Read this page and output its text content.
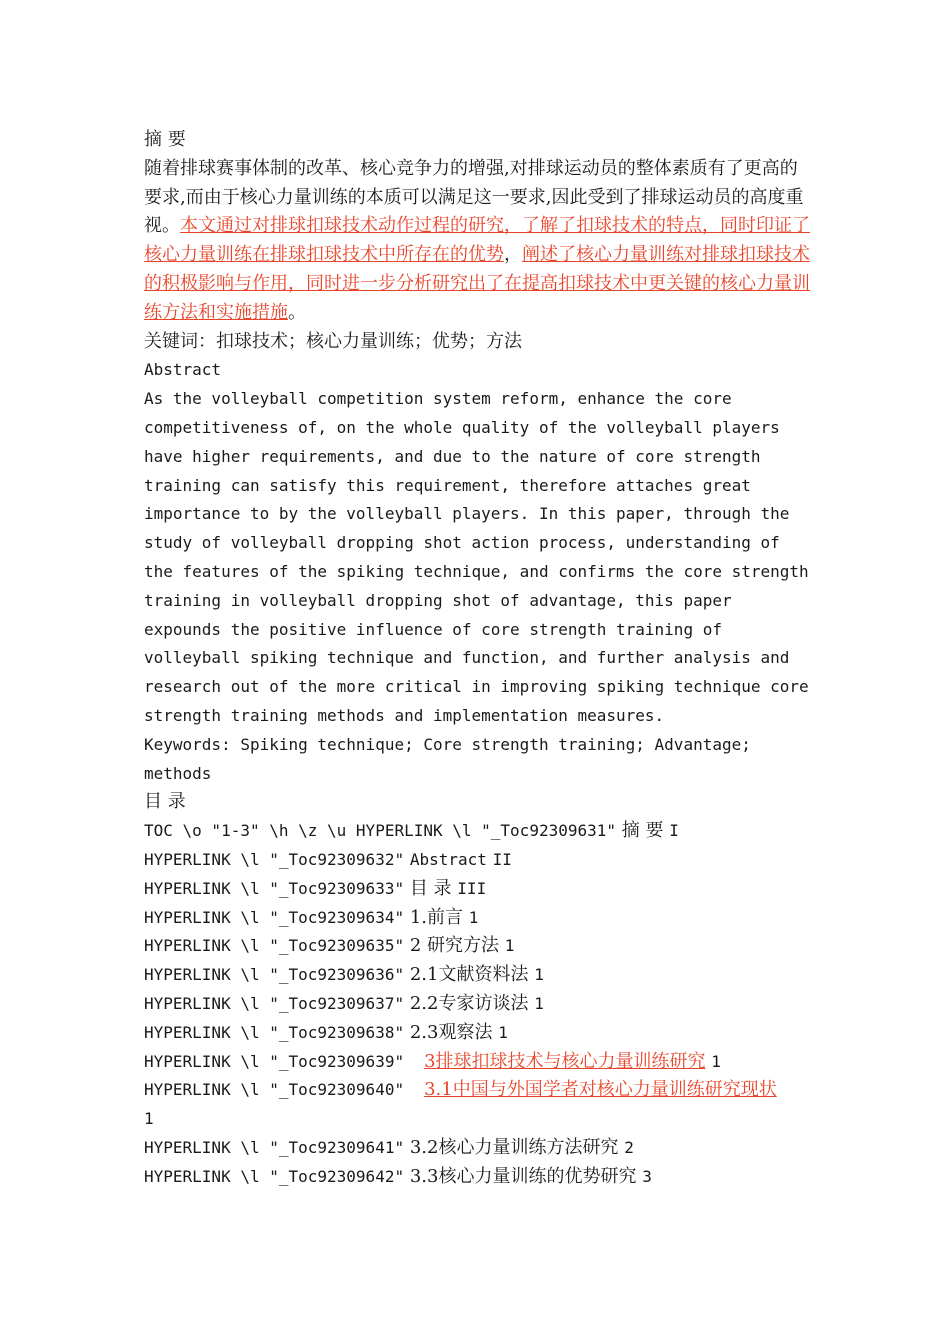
摘 要

随着排球赛事体制的改革、核心竞争力的增强,对排球运动员的整体素质有了更高的要求,而由于核心力量训练的本质可以满足这一要求,因此受到了排球运动员的高度重视。本文通过对排球扣球技术动作过程的研究，了解了扣球技术的特点，同时印证了核心力量训练在排球扣球技术中所存在的优势，阐述了核心力量训练对排球扣球技术的积极影响与作用，同时进一步分析研究出了在提高扣球技术中更关键的核心力量训练方法和实施措施。

关键词：扣球技术；核心力量训练；优势；方法

Abstract

As the volleyball competition system reform, enhance the core

competitiveness of, on the whole quality of the volleyball players

have higher requirements, and due to the nature of core strength

training can satisfy this requirement, therefore attaches great

importance to by the volleyball players. In this paper, through the

study of volleyball dropping shot action process, understanding of

the features of the spiking technique, and confirms the core strength

training in volleyball dropping shot of advantage, this paper

expounds the positive influence of core strength training of

volleyball spiking technique and function, and further analysis and

research out of the more critical in improving spiking technique core

strength training methods and implementation measures.

Keywords: Spiking technique; Core strength training; Advantage;

methods

目 录

TOC \o "1-3" \h \z \u HYPERLINK \l "_Toc92309631" 摘 要 I

HYPERLINK \l "_Toc92309632" Abstract II

HYPERLINK \l "_Toc92309633" 目 录 III

HYPERLINK \l "_Toc92309634" 1.前言 1

HYPERLINK \l "_Toc92309635" 2 研究方法 1

HYPERLINK \l "_Toc92309636" 2.1文献资料法 1

HYPERLINK \l "_Toc92309637" 2.2专家访谈法 1

HYPERLINK \l "_Toc92309638" 2.3观察法 1

HYPERLINK \l "_Toc92309639" 3排球扣球技术与核心力量训练研究 1

HYPERLINK \l "_Toc92309640" 3.1中国与外国学者对核心力量训练研究现状

1

HYPERLINK \l "_Toc92309641" 3.2核心力量训练方法研究 2

HYPERLINK \l "_Toc92309642" 3.3核心力量训练的优势研究 3
